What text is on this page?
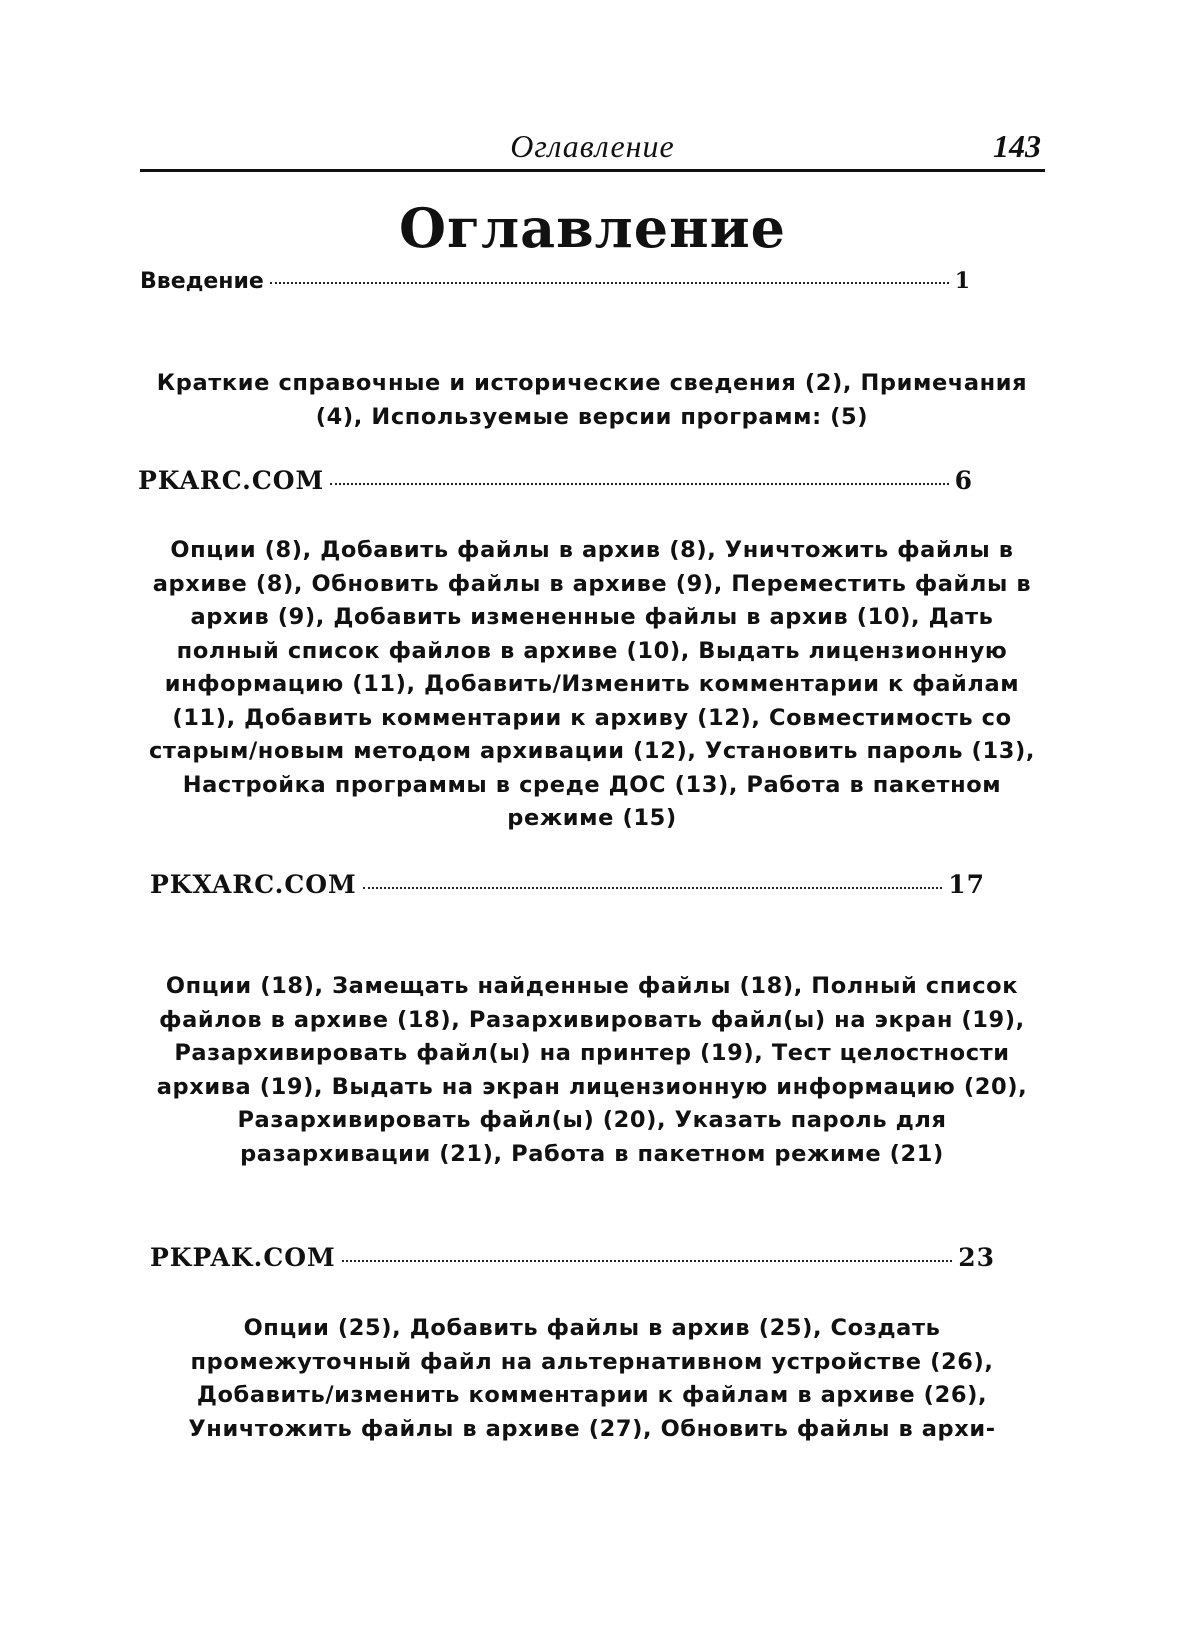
Оглавление	143
Оглавление
Введение	1

Краткие справочные и исторические сведения (2), Примечания (4), Используемые версии программ: (5)

PKARC.COM	6

Опции (8), Добавить файлы в архив (8), Уничтожить файлы в архиве (8), Обновить файлы в архиве (9), Переместить файлы в архив (9), Добавить измененные файлы в архив (10), Дать полный список файлов в архиве (10), Выдать лицензионную информацию (11), Добавить/Изменить комментарии к файлам (11), Добавить комментарии к архиву (12), Совместимость со старым/новым методом архивации (12), Установить пароль (13), Настройка программы в среде ДОС (13), Работа в пакетном режиме (15)

PKXARC.COM	17

Опции (18), Замещать найденные файлы (18), Полный список файлов в архиве (18), Разархивировать файл(ы) на экран (19), Разархивировать файл(ы) на принтер (19), Тест целостности архива (19), Выдать на экран лицензионную информацию (20), Разархивировать файл(ы) (20), Указать пароль для разархивации (21), Работа в пакетном режиме (21)

PKPAK.COM	23

Опции (25), Добавить файлы в архив (25), Создать промежуточный файл на альтернативном устройстве (26), Добавить/изменить комментарии к файлам в архиве (26), Уничтожить файлы в архиве (27), Обновить файлы в архи-
